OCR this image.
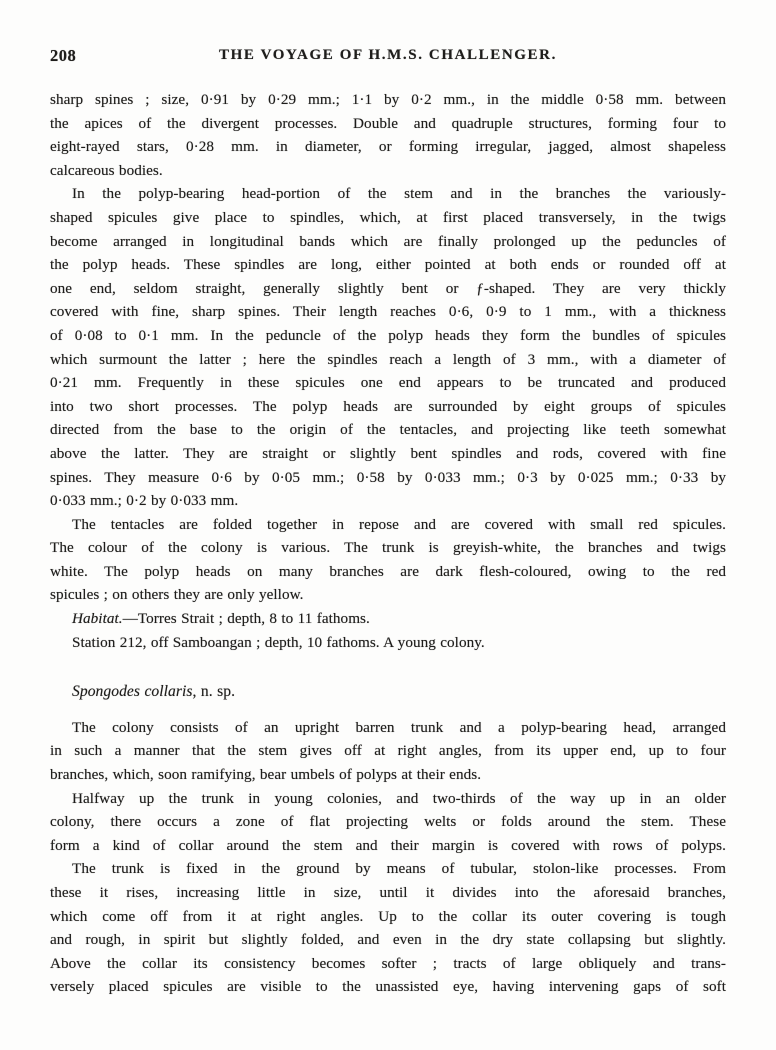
208	THE VOYAGE OF H.M.S. CHALLENGER.
sharp spines ; size, 0·91 by 0·29 mm.; 1·1 by 0·2 mm., in the middle 0·58 mm. between
the apices of the divergent processes. Double and quadruple structures, forming four to
eight-rayed stars, 0·28 mm. in diameter, or forming irregular, jagged, almost shapeless
calcareous bodies.
In the polyp-bearing head-portion of the stem and in the branches the variously-
shaped spicules give place to spindles, which, at first placed transversely, in the twigs
become arranged in longitudinal bands which are finally prolonged up the peduncles of
the polyp heads. These spindles are long, either pointed at both ends or rounded off at
one end, seldom straight, generally slightly bent or ƒ-shaped. They are very thickly
covered with fine, sharp spines. Their length reaches 0·6, 0·9 to 1 mm., with a thickness
of 0·08 to 0·1 mm. In the peduncle of the polyp heads they form the bundles of spicules
which surmount the latter ; here the spindles reach a length of 3 mm., with a diameter of
0·21 mm. Frequently in these spicules one end appears to be truncated and produced
into two short processes. The polyp heads are surrounded by eight groups of spicules
directed from the base to the origin of the tentacles, and projecting like teeth somewhat
above the latter. They are straight or slightly bent spindles and rods, covered with fine
spines. They measure 0·6 by 0·05 mm.; 0·58 by 0·033 mm.; 0·3 by 0·025 mm.; 0·33 by
0·033 mm.; 0·2 by 0·033 mm.
The tentacles are folded together in repose and are covered with small red spicules.
The colour of the colony is various. The trunk is greyish-white, the branches and twigs
white. The polyp heads on many branches are dark flesh-coloured, owing to the red
spicules ; on others they are only yellow.
Habitat.—Torres Strait ; depth, 8 to 11 fathoms.
Station 212, off Samboangan ; depth, 10 fathoms. A young colony.
Spongodes collaris, n. sp.
The colony consists of an upright barren trunk and a polyp-bearing head, arranged
in such a manner that the stem gives off at right angles, from its upper end, up to four
branches, which, soon ramifying, bear umbels of polyps at their ends.
Halfway up the trunk in young colonies, and two-thirds of the way up in an older
colony, there occurs a zone of flat projecting welts or folds around the stem. These
form a kind of collar around the stem and their margin is covered with rows of polyps.
The trunk is fixed in the ground by means of tubular, stolon-like processes. From
these it rises, increasing little in size, until it divides into the aforesaid branches,
which come off from it at right angles. Up to the collar its outer covering is tough
and rough, in spirit but slightly folded, and even in the dry state collapsing but slightly.
Above the collar its consistency becomes softer ; tracts of large obliquely and trans-
versely placed spicules are visible to the unassisted eye, having intervening gaps of soft
